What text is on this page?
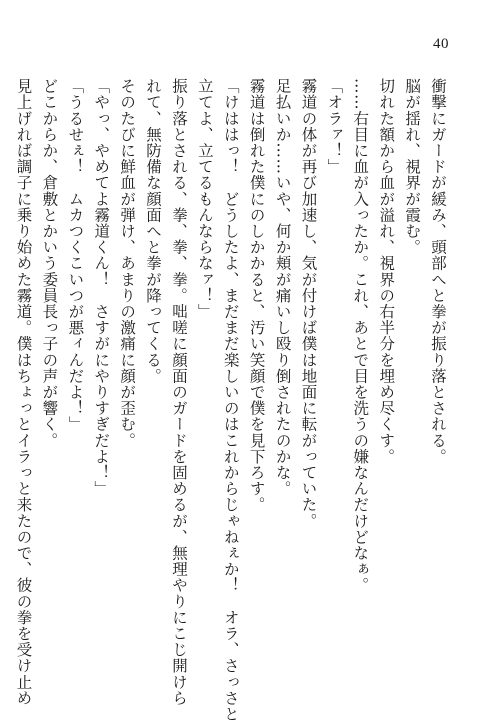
40
衝撃にガードが緩み、頭部へと拳が振り落とされる。
脳が揺れ、視界が霞む。
切れた額から血が溢れ、視界の右半分を埋め尽くす。
……右目に血が入ったか。これ、あとで目を洗うの嫌なんだけどなぁ。
「オラァ！」
霧道の体が再び加速し、気が付けば僕は地面に転がっていた。
足払いか……いや、何か頬が痛いし殴り倒されたのかな。
霧道は倒れた僕にのしかかると、汚い笑顔で僕を見下ろす。
「けははっ！　どうしたよ、まだまだ楽しいのはこれからじゃねぇか！　オラ、さっさと
立てよ、立てるもんならなァ！」
振り落とされる、拳、拳、拳。咄嗟に顔面のガードを固めるが、無理やりにこじ開けら
れて、無防備な顔面へと拳が降ってくる。
そのたびに鮮血が弾け、あまりの激痛に顔が歪む。
「やっ、やめてよ霧道くん！　さすがにやりすぎだよ！」
「うるせぇ！　ムカつくこいつが悪ィんだよ！」
どこからか、倉敷とかいう委員長っ子の声が響く。
見上げれば調子に乗り始めた霧道。僕はちょっとイラっと来たので、彼の拳を受け止め
